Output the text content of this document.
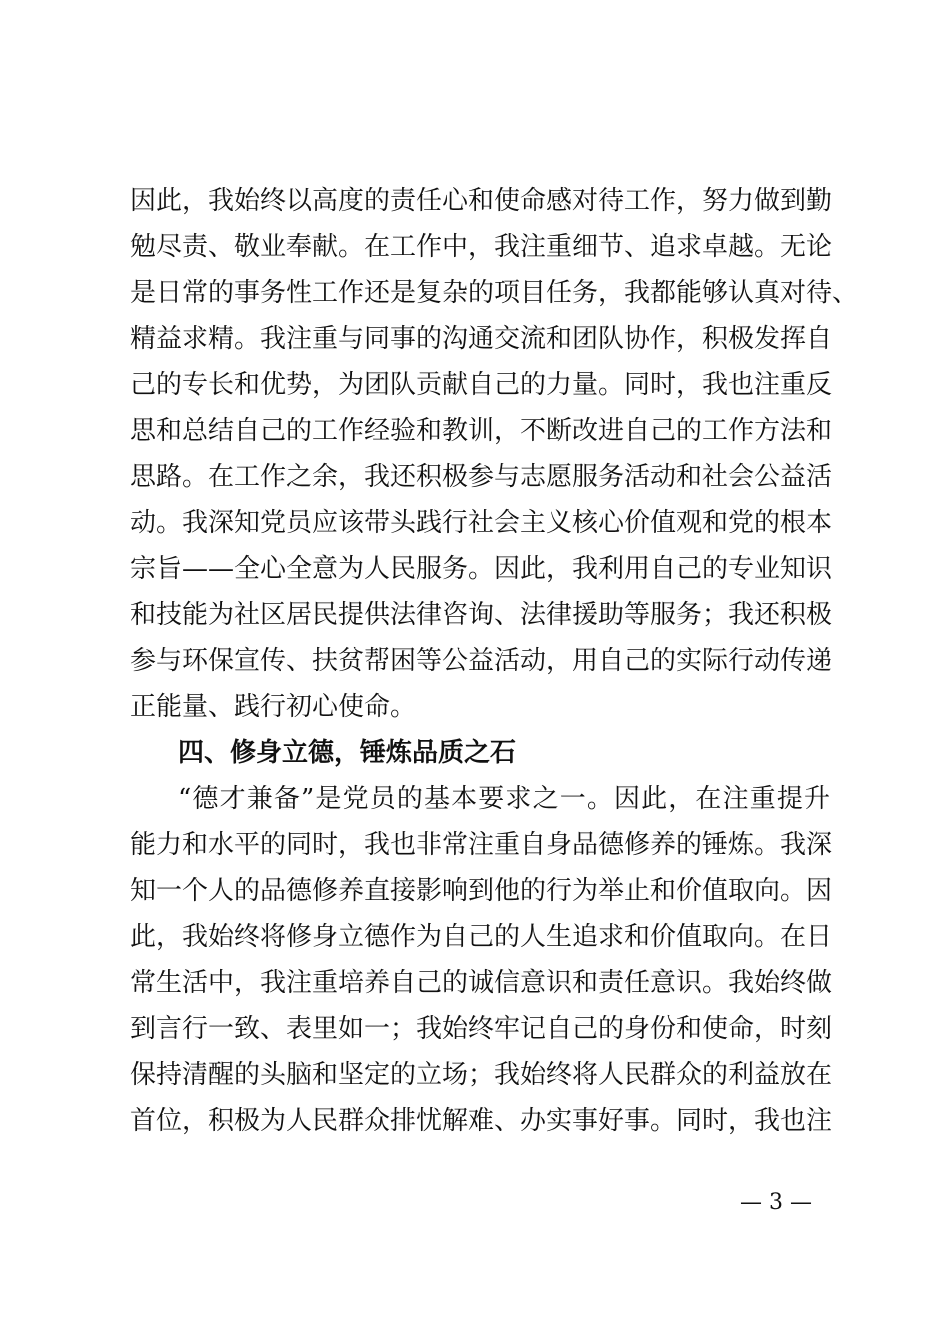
因此，我始终以高度的责任心和使命感对待工作，努力做到勤
勉尽责、敬业奉献。在工作中，我注重细节、追求卓越。无论
是日常的事务性工作还是复杂的项目任务，我都能够认真对待、
精益求精。我注重与同事的沟通交流和团队协作，积极发挥自
己的专长和优势，为团队贡献自己的力量。同时，我也注重反
思和总结自己的工作经验和教训，不断改进自己的工作方法和
思路。在工作之余，我还积极参与志愿服务活动和社会公益活
动。我深知党员应该带头践行社会主义核心价值观和党的根本
宗旨——全心全意为人民服务。因此，我利用自己的专业知识
和技能为社区居民提供法律咨询、法律援助等服务；我还积极
参与环保宣传、扶贫帮困等公益活动，用自己的实际行动传递
正能量、践行初心使命。
四、修身立德，锤炼品质之石
“德才兼备”是党员的基本要求之一。因此，在注重提升
能力和水平的同时，我也非常注重自身品德修养的锤炼。我深
知一个人的品德修养直接影响到他的行为举止和价值取向。因
此，我始终将修身立德作为自己的人生追求和价值取向。在日
常生活中，我注重培养自己的诚信意识和责任意识。我始终做
到言行一致、表里如一；我始终牢记自己的身份和使命，时刻
保持清醒的头脑和坚定的立场；我始终将人民群众的利益放在
首位，积极为人民群众排忧解难、办实事好事。同时，我也注
— 3 —
